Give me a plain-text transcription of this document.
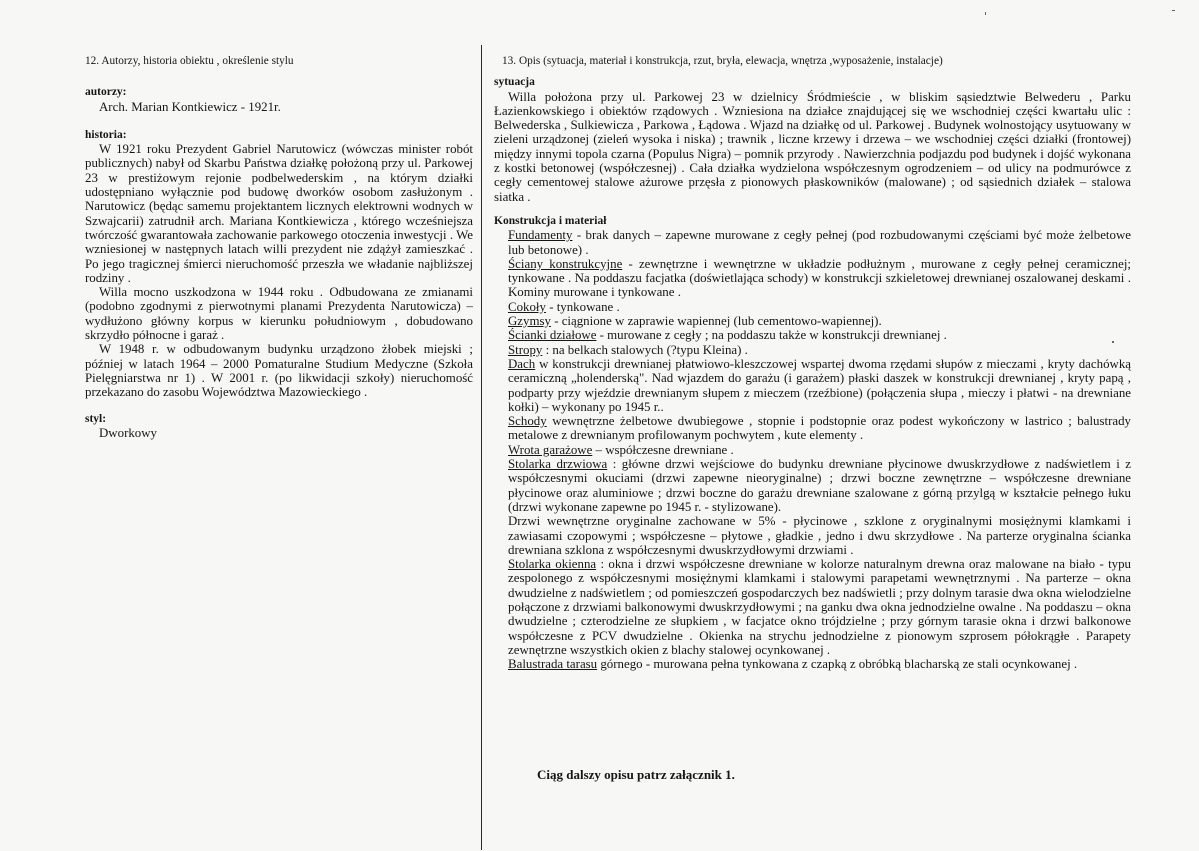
12. Autorzy, historia obiektu , określenie stylu

autorzy:

Arch. Marian Kontkiewicz - 1921r.

historia:

W 1921 roku Prezydent Gabriel Narutowicz (wówczas minister robót publicznych) nabył od Skarbu Państwa działkę położoną przy ul. Parkowej 23 w prestiżowym rejonie podbelwederskim , na którym działki udostępniano wyłącznie pod budowę dworków osobom zasłużonym . Narutowicz (będąc samemu projektantem licznych elektrowni wodnych w Szwajcarii) zatrudnił arch. Mariana Kontkiewicza , którego wcześniejsza twórczość gwarantowała zachowanie parkowego otoczenia inwestycji . We wzniesionej w następnych latach willi prezydent nie zdążył zamieszkać . Po jego tragicznej śmierci nieruchomość przeszła we władanie najbliższej rodziny .

Willa mocno uszkodzona w 1944 roku . Odbudowana ze zmianami (podobno zgodnymi z pierwotnymi planami Prezydenta Narutowicza) – wydłużono główny korpus w kierunku południowym , dobudowano skrzydło północne i garaż .

W 1948 r. w odbudowanym budynku urządzono żłobek miejski ; później w latach 1964 – 2000 Pomaturalne Studium Medyczne (Szkoła Pielęgniarstwa nr 1) . W 2001 r. (po likwidacji szkoły) nieruchomość przekazano do zasobu Województwa Mazowieckiego .

styl:

Dworkowy

13. Opis (sytuacja, materiał i konstrukcja, rzut, bryła, elewacja, wnętrza ,wyposażenie, instalacje)

sytuacja

Willa położona przy ul. Parkowej 23 w dzielnicy Śródmieście , w bliskim sąsiedztwie Belwederu , Parku Łazienkowskiego i obiektów rządowych . Wzniesiona na działce znajdującej się we wschodniej części kwartału ulic : Belwederska , Sulkiewicza , Parkowa , Łądowa . Wjazd na działkę od ul. Parkowej . Budynek wolnostojący usytuowany w zieleni urządzonej (zieleń wysoka i niska) ; trawnik , liczne krzewy i drzewa – we wschodniej części działki (frontowej) między innymi topola czarna (Populus Nigra) – pomnik przyrody . Nawierzchnia podjazdu pod budynek i dojść wykonana z kostki betonowej (współczesnej) . Cała działka wydzielona współczesnym ogrodzeniem – od ulicy na podmurówce z cegły cementowej stalowe ażurowe przęsła z pionowych płaskowników (malowane) ; od sąsiednich działek – stalowa siatka .

Konstrukcja i materiał

Fundamenty - brak danych – zapewne murowane z cegły pełnej (pod rozbudowanymi częściami być może żelbetowe lub betonowe) .

Ściany konstrukcyjne - zewnętrzne i wewnętrzne w układzie podłużnym , murowane z cegły pełnej ceramicznej; tynkowane . Na poddaszu facjatka (doświetlająca schody) w konstrukcji szkieletowej drewnianej oszalowanej deskami . Kominy murowane i tynkowane .

Cokoły - tynkowane .

Gzymsy - ciągnione w zaprawie wapiennej (lub cementowo-wapiennej).

Ścianki działowe - murowane z cegły ; na poddaszu także w konstrukcji drewnianej .

Stropy : na belkach stalowych (?typu Kleina) .

Dach w konstrukcji drewnianej płatwiowo-kleszczowej wspartej dwoma rzędami słupów z mieczami , kryty dachówką ceramiczną „holenderską". Nad wjazdem do garażu (i garażem) płaski daszek w konstrukcji drewnianej , kryty papą , podparty przy wjeździe drewnianym słupem z mieczem (rzeźbione) (połączenia słupa , mieczy i płatwi - na drewniane kołki) – wykonany po 1945 r..

Schody wewnętrzne żelbetowe dwubiegowe , stopnie i podstopnie oraz podest wykończony w lastrico ; balustrady metalowe z drewnianym profilowanym pochwytem , kute elementy .

Wrota garażowe – współczesne drewniane .

Stolarka drzwiowa : główne drzwi wejściowe do budynku drewniane płycinowe dwuskrzydłowe z nadświetlem i z współczesnymi okuciami (drzwi zapewne nieoryginalne) ; drzwi boczne zewnętrzne – współczesne drewniane płycinowe oraz aluminiowe ; drzwi boczne do garażu drewniane szalowane z górną przylgą w kształcie pełnego łuku (drzwi wykonane zapewne po 1945 r. - stylizowane).

Drzwi wewnętrzne oryginalne zachowane w 5% - płycinowe , szklone z oryginalnymi mosiężnymi klamkami i zawiasami czopowymi ; współczesne – płytowe , gładkie , jedno i dwu skrzydłowe . Na parterze oryginalna ścianka drewniana szklona z współczesnymi dwuskrzydłowymi drzwiami .

Stolarka okienna : okna i drzwi współczesne drewniane w kolorze naturalnym drewna oraz malowane na biało - typu zespolonego z współczesnymi mosiężnymi klamkami i stalowymi parapetami wewnętrznymi . Na parterze – okna dwudzielne z nadświetlem ; od pomieszczeń gospodarczych bez nadświetli ; przy dolnym tarasie dwa okna wielodzielne połączone z drzwiami balkonowymi dwuskrzydłowymi ; na ganku dwa okna jednodzielne owalne . Na poddaszu – okna dwudzielne ; czterodzielne ze słupkiem , w facjatce okno trójdzielne ; przy górnym tarasie okna i drzwi balkonowe współczesne z PCV dwudzielne . Okienka na strychu jednodzielne z pionowym szprosem półokrągłe . Parapety zewnętrzne wszystkich okien z blachy stalowej ocynkowanej .

Balustrada tarasu górnego - murowana pełna tynkowana z czapką z obróbką blacharską ze stali ocynkowanej .

Ciąg dalszy opisu patrz załącznik 1.
